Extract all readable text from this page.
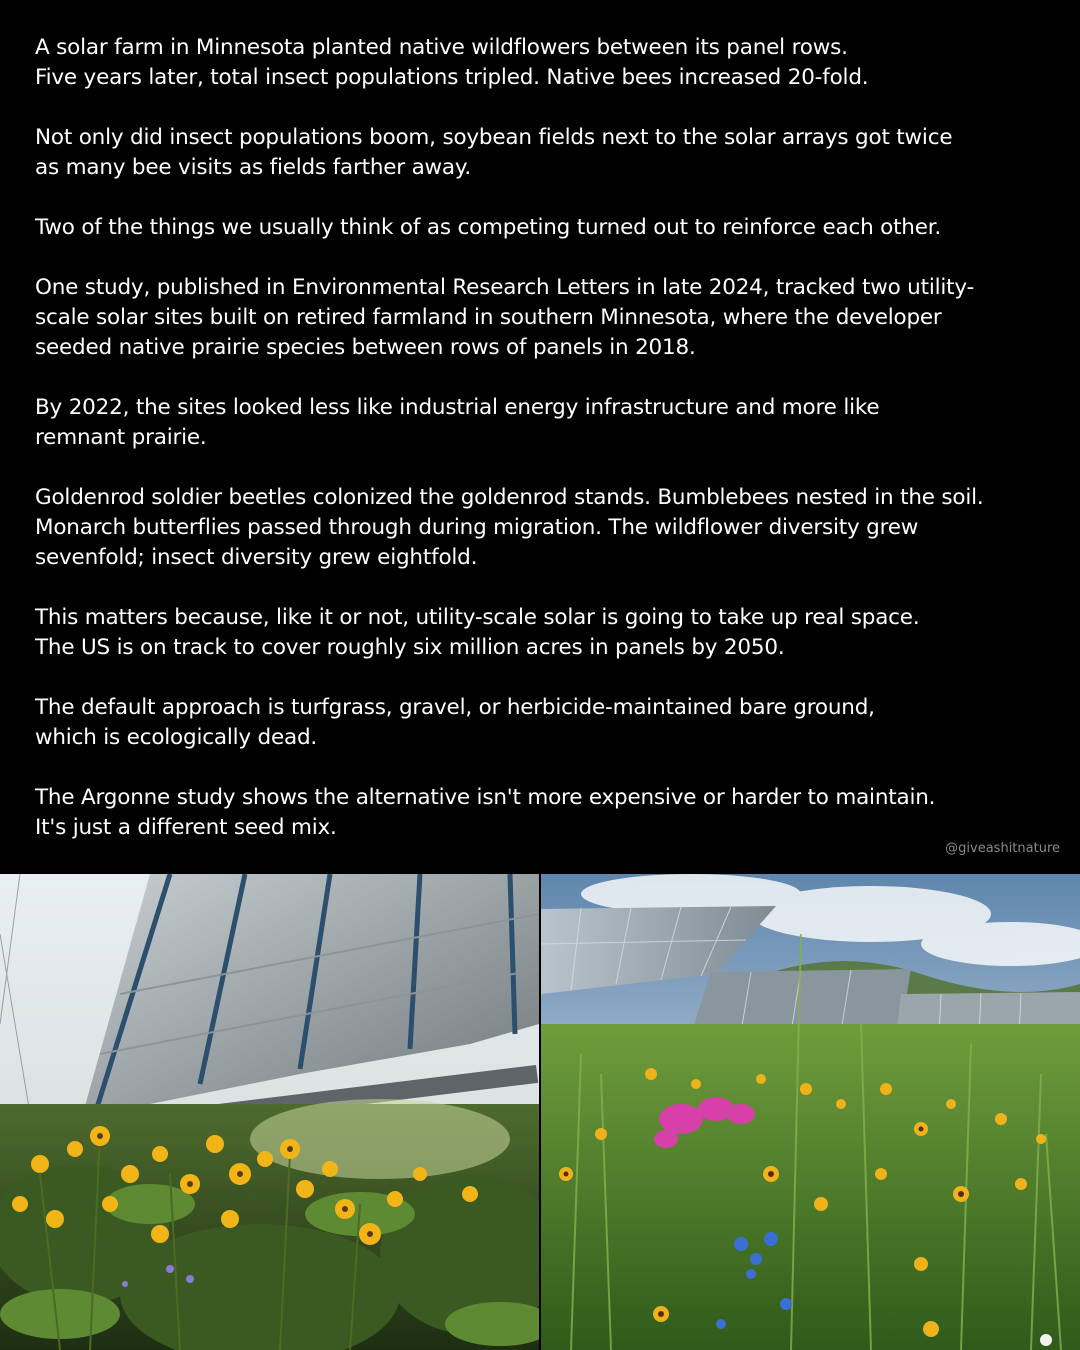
A solar farm in Minnesota planted native wildflowers between its panel rows.
Five years later, total insect populations tripled. Native bees increased 20-fold.

Not only did insect populations boom, soybean fields next to the solar arrays got twice
as many bee visits as fields farther away.

Two of the things we usually think of as competing turned out to reinforce each other.

One study, published in Environmental Research Letters in late 2024, tracked two utility-
scale solar sites built on retired farmland in southern Minnesota, where the developer
seeded native prairie species between rows of panels in 2018.

By 2022, the sites looked less like industrial energy infrastructure and more like
remnant prairie.

Goldenrod soldier beetles colonized the goldenrod stands. Bumblebees nested in the soil.
Monarch butterflies passed through during migration. The wildflower diversity grew
sevenfold; insect diversity grew eightfold.

This matters because, like it or not, utility-scale solar is going to take up real space.
The US is on track to cover roughly six million acres in panels by 2050.

The default approach is turfgrass, gravel, or herbicide-maintained bare ground,
which is ecologically dead.

The Argonne study shows the alternative isn't more expensive or harder to maintain.
It's just a different seed mix.

@giveashitnature
